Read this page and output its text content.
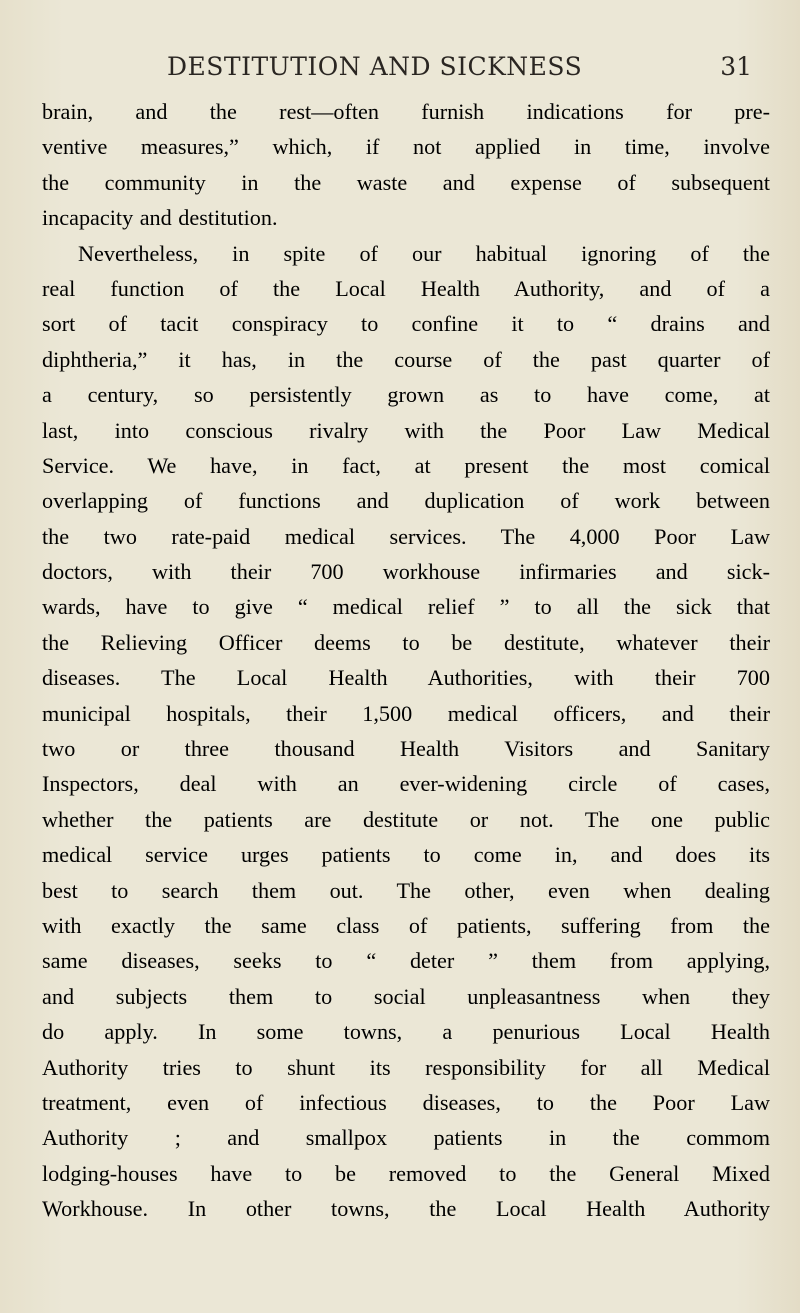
DESTITUTION AND SICKNESS	31
brain, and the rest—often furnish indications for pre-
ventive measures,” which, if not applied in time, involve
the community in the waste and expense of subsequent
incapacity and destitution.
Nevertheless, in spite of our habitual ignoring of the
real function of the Local Health Authority, and of a
sort of tacit conspiracy to confine it to “ drains and
diphtheria,” it has, in the course of the past quarter of
a century, so persistently grown as to have come, at
last, into conscious rivalry with the Poor Law Medical
Service. We have, in fact, at present the most comical
overlapping of functions and duplication of work between
the two rate-paid medical services. The 4,000 Poor Law
doctors, with their 700 workhouse infirmaries and sick-
wards, have to give “ medical relief ” to all the sick that
the Relieving Officer deems to be destitute, whatever their
diseases. The Local Health Authorities, with their 700
municipal hospitals, their 1,500 medical officers, and their
two or three thousand Health Visitors and Sanitary
Inspectors, deal with an ever-widening circle of cases,
whether the patients are destitute or not. The one public
medical service urges patients to come in, and does its
best to search them out. The other, even when dealing
with exactly the same class of patients, suffering from the
same diseases, seeks to “ deter ” them from applying,
and subjects them to social unpleasantness when they
do apply. In some towns, a penurious Local Health
Authority tries to shunt its responsibility for all Medical
treatment, even of infectious diseases, to the Poor Law
Authority ; and smallpox patients in the commom
lodging-houses have to be removed to the General Mixed
Workhouse. In other towns, the Local Health Authority
